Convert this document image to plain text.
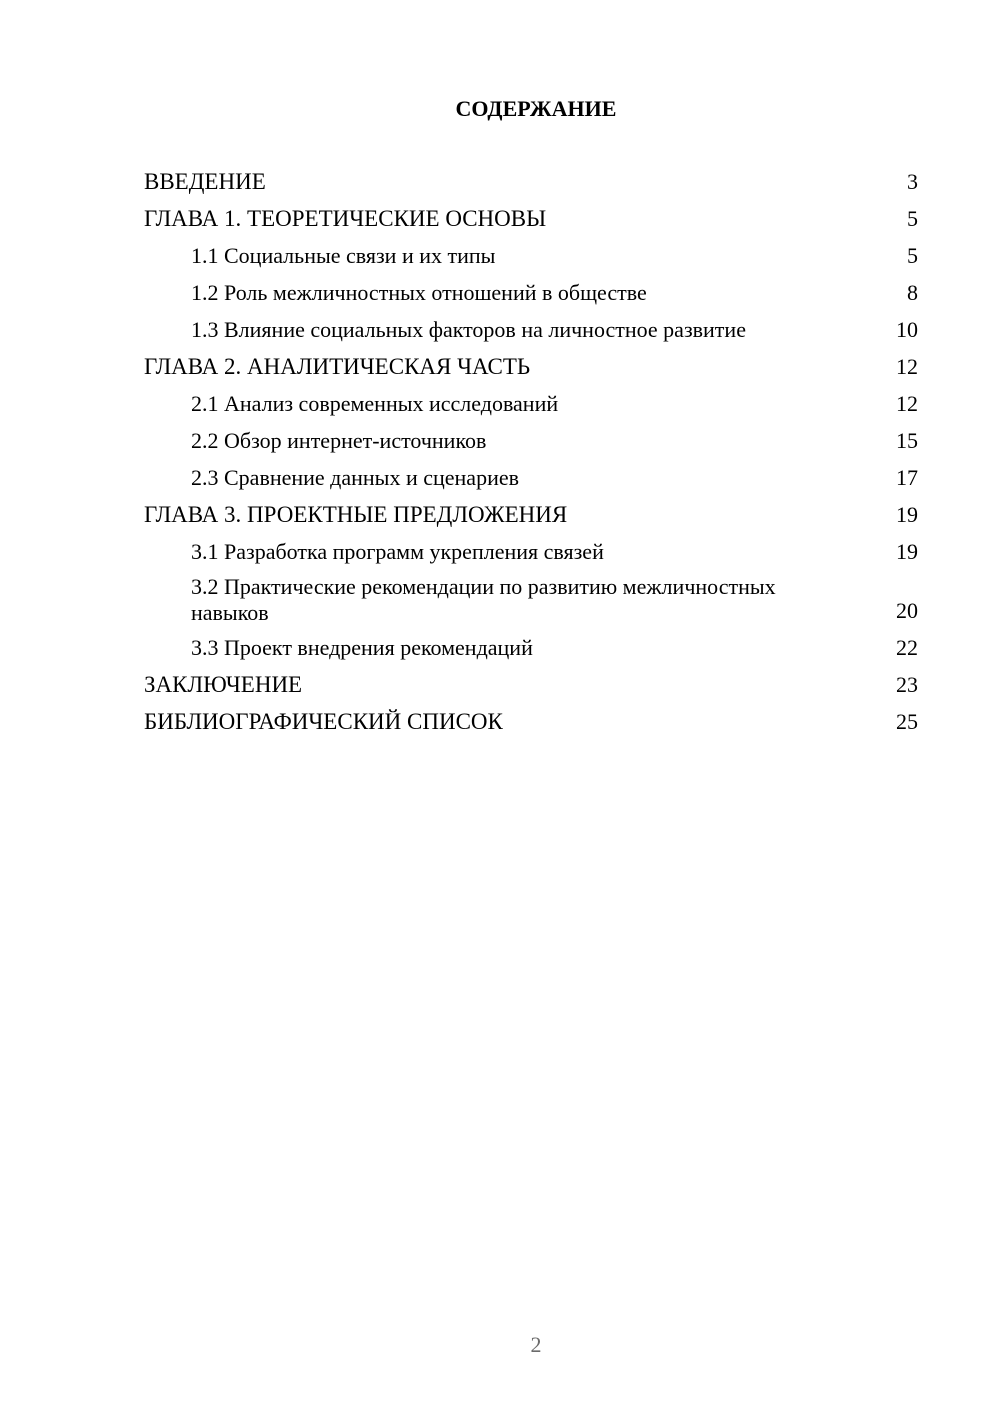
СОДЕРЖАНИЕ
ВВЕДЕНИЕ	3
ГЛАВА 1. ТЕОРЕТИЧЕСКИЕ ОСНОВЫ	5
1.1 Социальные связи и их типы	5
1.2 Роль межличностных отношений в обществе	8
1.3 Влияние социальных факторов на личностное развитие	10
ГЛАВА 2. АНАЛИТИЧЕСКАЯ ЧАСТЬ	12
2.1 Анализ современных исследований	12
2.2 Обзор интернет-источников	15
2.3 Сравнение данных и сценариев	17
ГЛАВА 3. ПРОЕКТНЫЕ ПРЕДЛОЖЕНИЯ	19
3.1 Разработка программ укрепления связей	19
3.2 Практические рекомендации по развитию межличностных навыков	20
3.3 Проект внедрения рекомендаций	22
ЗАКЛЮЧЕНИЕ	23
БИБЛИОГРАФИЧЕСКИЙ СПИСОК	25
2
